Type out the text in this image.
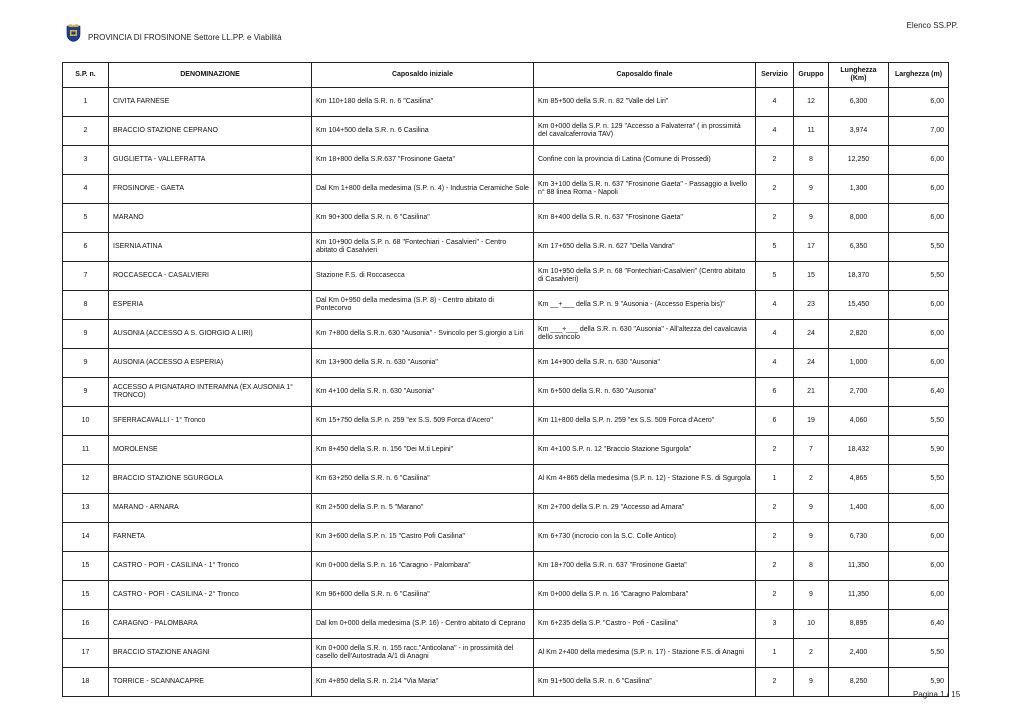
PROVINCIA DI FROSINONE Settore LL.PP. e Viabilità
Elenco SS.PP.
S.P. n.	DENOMINAZIONE	Caposaldo iniziale	Caposaldo finale	Servizio	Gruppo	Lunghezza (Km)	Larghezza (m)
1	CIVITA FARNESE	Km 110+180 della S.R. n. 6 "Casilina"	Km 85+500 della S.R. n. 82 "Valle del Liri"	4	12	6,300	6,00
2	BRACCIO STAZIONE CEPRANO	Km 104+500 della S.R. n. 6 Casilina	Km 0+000 della S.P. n. 129 "Accesso a Falvaterra" ( in prossimità del cavalcaferrovia TAV)	4	11	3,974	7,00
3	GUGLIETTA - VALLEFRATTA	Km 18+800 della S.R.637 "Frosinone Gaeta"	Confine con la provincia di Latina (Comune di Prossedi)	2	8	12,250	6,00
4	FROSINONE - GAETA	Dal Km 1+800 della medesima (S.P. n. 4) - Industria Ceramiche Sole	Km 3+100 della S.R. n. 637 "Frosinone Gaeta" - Passaggio a livello n° 88 linea Roma - Napoli	2	9	1,300	6,00
5	MARANO	Km 90+300 della S.R. n. 6 "Casilina"	Km 8+400 della S.R. n. 637 "Frosinone Gaeta"	2	9	8,000	6,00
6	ISERNIA ATINA	Km 10+900 della S.P. n. 68 "Fontechiari - Casalvieri" - Centro abitato di Casalvieri	Km 17+650 della S.R. n. 627 "Della Vandra"	5	17	6,350	5,50
7	ROCCASECCA - CASALVIERI	Stazione F.S. di Roccasecca	Km 10+950 della S.P. n. 68 "Fontechiari-Casalvieri" (Centro abitato di Casalvieri)	5	15	18,370	5,50
8	ESPERIA	Dal Km 0+950 della medesima (S.P. 8) - Centro abitato di Pontecorvo	Km __+___ della S.P. n. 9 "Ausonia - (Accesso Esperia bis)"	4	23	15,450	6,00
9	AUSONIA (ACCESSO A S. GIORGIO A LIRI)	Km 7+800 della S.R.n. 630 "Ausonia" - Svincolo per S.giorgio a Liri	Km ___+___ della S.R. n. 630 "Ausonia" - All'altezza del cavalcavia dello svincolo	4	24	2,820	6,00
9	AUSONIA (ACCESSO A ESPERIA)	Km 13+900 della S.R. n. 630 "Ausonia"	Km 14+900 della S.R. n. 630 "Ausonia"	4	24	1,000	6,00
9	ACCESSO A PIGNATARO INTERAMNA (EX AUSONIA 1° TRONCO)	Km 4+100 della S.R. n. 630 "Ausonia"	Km 6+500 della S.R. n. 630 "Ausonia"	6	21	2,700	6,40
10	SFERRACAVALLI - 1° Tronco	Km 15+750 della S.P. n. 259 "ex S.S. 509 Forca d'Acero"	Km 11+800 della S.P. n. 259 "ex S.S. 509 Forca d'Acero"	6	19	4,060	5,50
11	MOROLENSE	Km 8+450 della S.R. n. 156 "Dei M.ti Lepini"	Km 4+100 S.P. n. 12 "Braccio Stazione Sgurgola"	2	7	18,432	5,90
12	BRACCIO STAZIONE SGURGOLA	Km 63+250 della S.R. n. 6 "Casilina"	Al Km 4+865 della medesima (S.P. n. 12) - Stazione F.S. di Sgurgola	1	2	4,865	5,50
13	MARANO - ARNARA	Km 2+500 della S.P. n. 5 "Marano"	Km 2+700 della S.P. n. 29 "Accesso ad Arnara"	2	9	1,400	6,00
14	FARNETA	Km 3+600 della S.P. n. 15 "Castro Pofi Casilina"	Km 6+730 (incrocio con la S.C. Colle Antico)	2	9	6,730	6,00
15	CASTRO - POFI - CASILINA - 1° Tronco	Km 0+000 della S.P. n. 16 "Caragno - Palombara"	Km 18+700 della S.R. n. 637 "Frosinone Gaeta"	2	8	11,350	6,00
15	CASTRO - POFI - CASILINA - 2° Tronco	Km 96+600 della S.R. n. 6 "Casilina"	Km 0+000 della S.P. n. 16 "Caragno Palombara"	2	9	11,350	6,00
16	CARAGNO - PALOMBARA	Dal km 0+000 della medesima (S.P. 16) - Centro abitato di Ceprano	Km 6+235 della S.P. "Castro - Pofi - Casilina"	3	10	8,895	6,40
17	BRACCIO STAZIONE ANAGNI	Km 0+000 della S.R. n. 155 racc."Anticolana" - in prossimità del casello dell'Autostrada A/1 di Anagni	Al Km 2+400 della medesima (S.P. n. 17) - Stazione F.S. di Anagni	1	2	2,400	5,50
18	TORRICE - SCANNACAPRE	Km 4+850 della S.R. n. 214 "Via Maria"	Km 91+500 della S.R. n. 6 "Casilina"	2	9	8,250	5,90
Pagina 1 / 15
